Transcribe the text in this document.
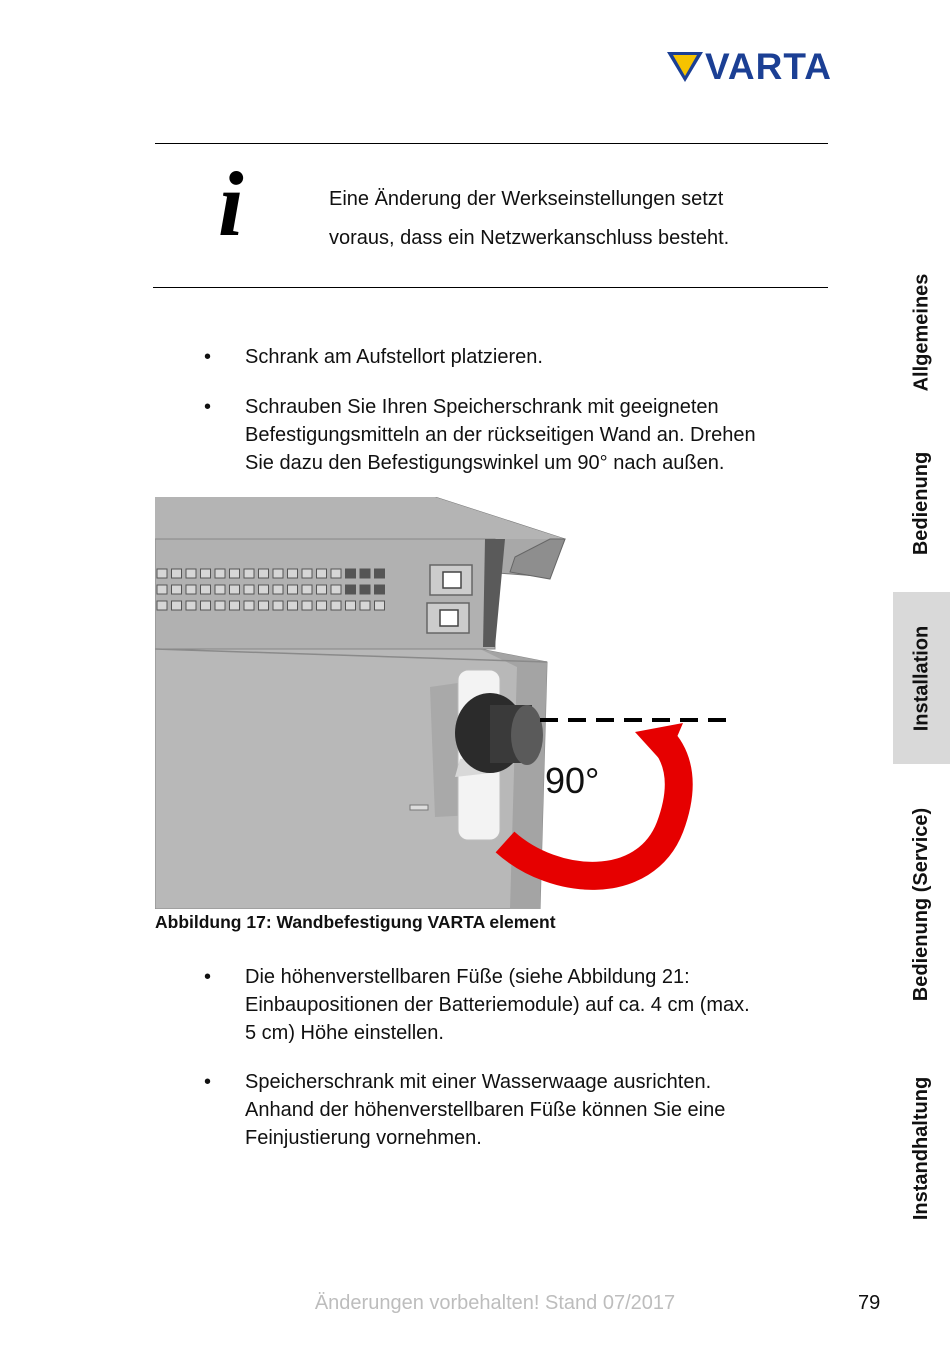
VARTA
i	Eine Änderung der Werkseinstellungen setzt
voraus, dass ein Netzwerkanschluss besteht.
• Schrank am Aufstellort platzieren.
• Schrauben Sie Ihren Speicherschrank mit geeigneten
Befestigungsmitteln an der rückseitigen Wand an. Drehen
Sie dazu den Befestigungswinkel um 90° nach außen.
90°
Abbildung 17: Wandbefestigung VARTA element
• Die höhenverstellbaren Füße (siehe Abbildung 21:
Einbaupositionen der Batteriemodule) auf ca. 4 cm (max.
5 cm) Höhe einstellen.
• Speicherschrank mit einer Wasserwaage ausrichten.
Anhand der höhenverstellbaren Füße können Sie eine
Feinjustierung vornehmen.
Allgemeines
Bedienung
Installation
Bedienung (Service)
Instandhaltung
Änderungen vorbehalten! Stand 07/2017	79
